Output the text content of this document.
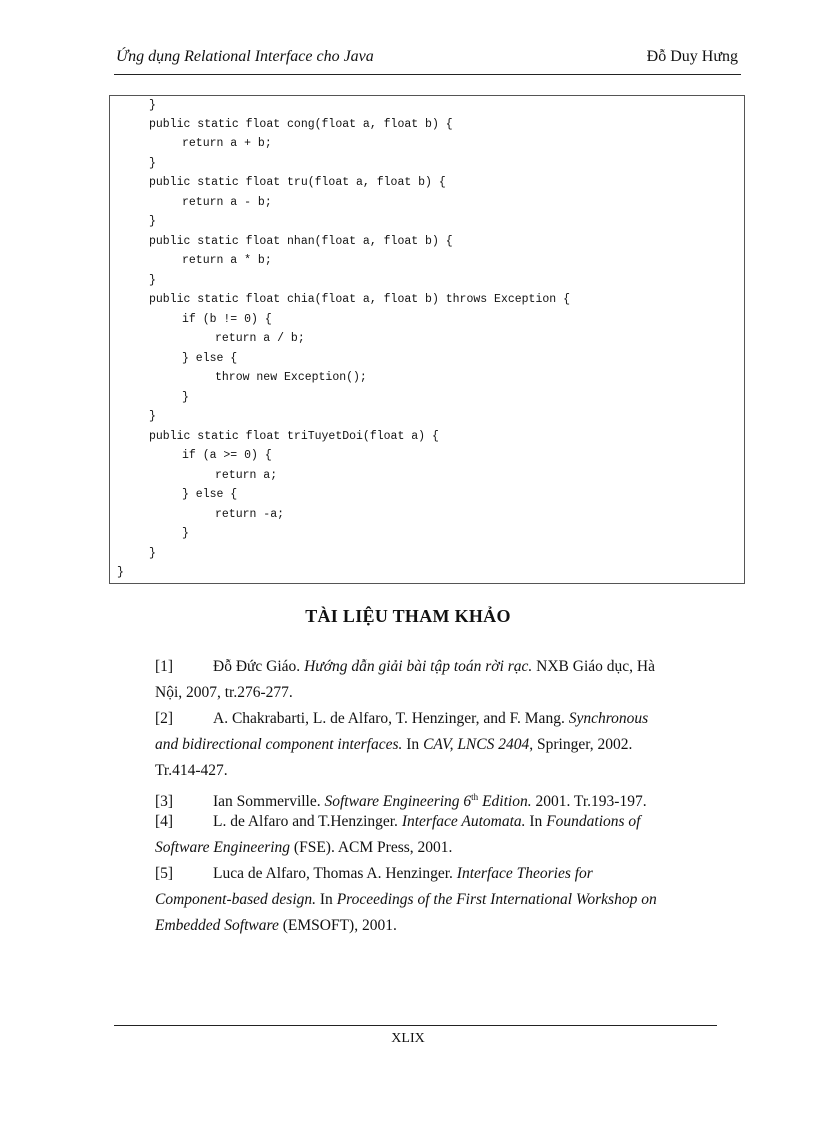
Ứng dụng Relational Interface cho Java	Đỗ Duy Hưng
}
public static float cong(float a, float b) {
return a + b;
}
public static float tru(float a, float b) {
return a - b;
}
public static float nhan(float a, float b) {
return a * b;
}
public static float chia(float a, float b) throws Exception {
if (b != 0) {
return a / b;
} else {
throw new Exception();
}
}
public static float triTuyetDoi(float a) {
if (a >= 0) {
return a;
} else {
return -a;
}
}
}
TÀI LIỆU THAM KHẢO
[1]	Đỗ Đức Giáo. Hướng dẫn giải bài tập toán rời rạc. NXB Giáo dục, Hà
Nội, 2007, tr.276-277.
[2]	A. Chakrabarti, L. de Alfaro, T. Henzinger, and F. Mang. Synchronous
and bidirectional component interfaces. In CAV, LNCS 2404, Springer, 2002.
Tr.414-427.
[3]	Ian Sommerville. Software Engineering 6th Edition. 2001. Tr.193-197.
[4]	L. de Alfaro and T.Henzinger. Interface Automata. In Foundations of
Software Engineering (FSE). ACM Press, 2001.
[5]	Luca de Alfaro, Thomas A. Henzinger. Interface Theories for
Component-based design. In Proceedings of the First International Workshop on
Embedded Software (EMSOFT), 2001.
XLIX
